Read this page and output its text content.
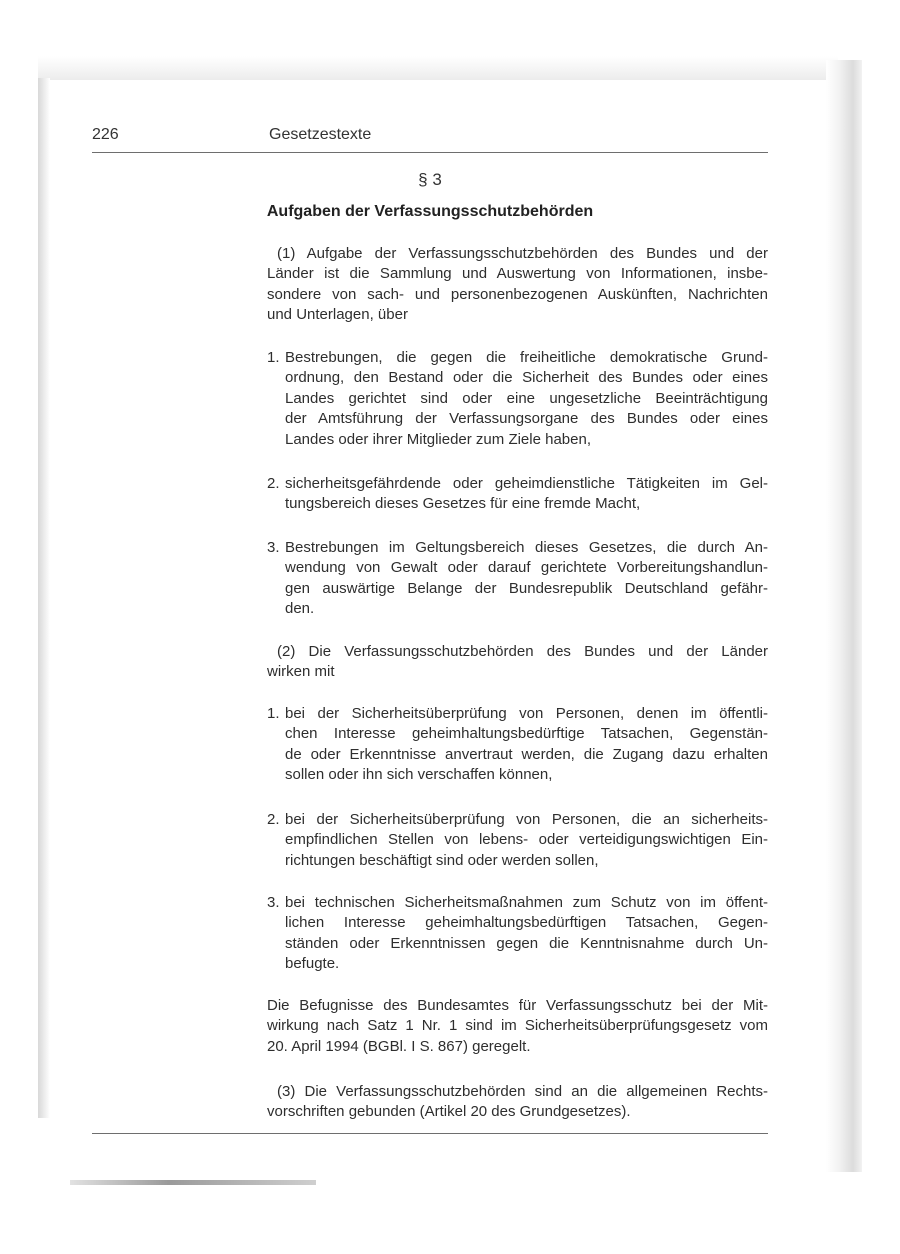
226	Gesetzestexte
§ 3
Aufgaben der Verfassungsschutzbehörden
(1) Aufgabe der Verfassungsschutzbehörden des Bundes und der
Länder ist die Sammlung und Auswertung von Informationen, insbe-
sondere von sach- und personenbezogenen Auskünften, Nachrichten
und Unterlagen, über
1. Bestrebungen, die gegen die freiheitliche demokratische Grund-
ordnung, den Bestand oder die Sicherheit des Bundes oder eines
Landes gerichtet sind oder eine ungesetzliche Beeinträchtigung
der Amtsführung der Verfassungsorgane des Bundes oder eines
Landes oder ihrer Mitglieder zum Ziele haben,
2. sicherheitsgefährdende oder geheimdienstliche Tätigkeiten im Gel-
tungsbereich dieses Gesetzes für eine fremde Macht,
3. Bestrebungen im Geltungsbereich dieses Gesetzes, die durch An-
wendung von Gewalt oder darauf gerichtete Vorbereitungshandlun-
gen auswärtige Belange der Bundesrepublik Deutschland gefähr-
den.
(2) Die Verfassungsschutzbehörden des Bundes und der Länder
wirken mit
1. bei der Sicherheitsüberprüfung von Personen, denen im öffentli-
chen Interesse geheimhaltungsbedürftige Tatsachen, Gegenstän-
de oder Erkenntnisse anvertraut werden, die Zugang dazu erhalten
sollen oder ihn sich verschaffen können,
2. bei der Sicherheitsüberprüfung von Personen, die an sicherheits-
empfindlichen Stellen von lebens- oder verteidigungswichtigen Ein-
richtungen beschäftigt sind oder werden sollen,
3. bei technischen Sicherheitsmaßnahmen zum Schutz von im öffent-
lichen Interesse geheimhaltungsbedürftigen Tatsachen, Gegen-
ständen oder Erkenntnissen gegen die Kenntnisnahme durch Un-
befugte.
Die Befugnisse des Bundesamtes für Verfassungsschutz bei der Mit-
wirkung nach Satz 1 Nr. 1 sind im Sicherheitsüberprüfungsgesetz vom
20. April 1994 (BGBl. I S. 867) geregelt.
(3) Die Verfassungsschutzbehörden sind an die allgemeinen Rechts-
vorschriften gebunden (Artikel 20 des Grundgesetzes).
